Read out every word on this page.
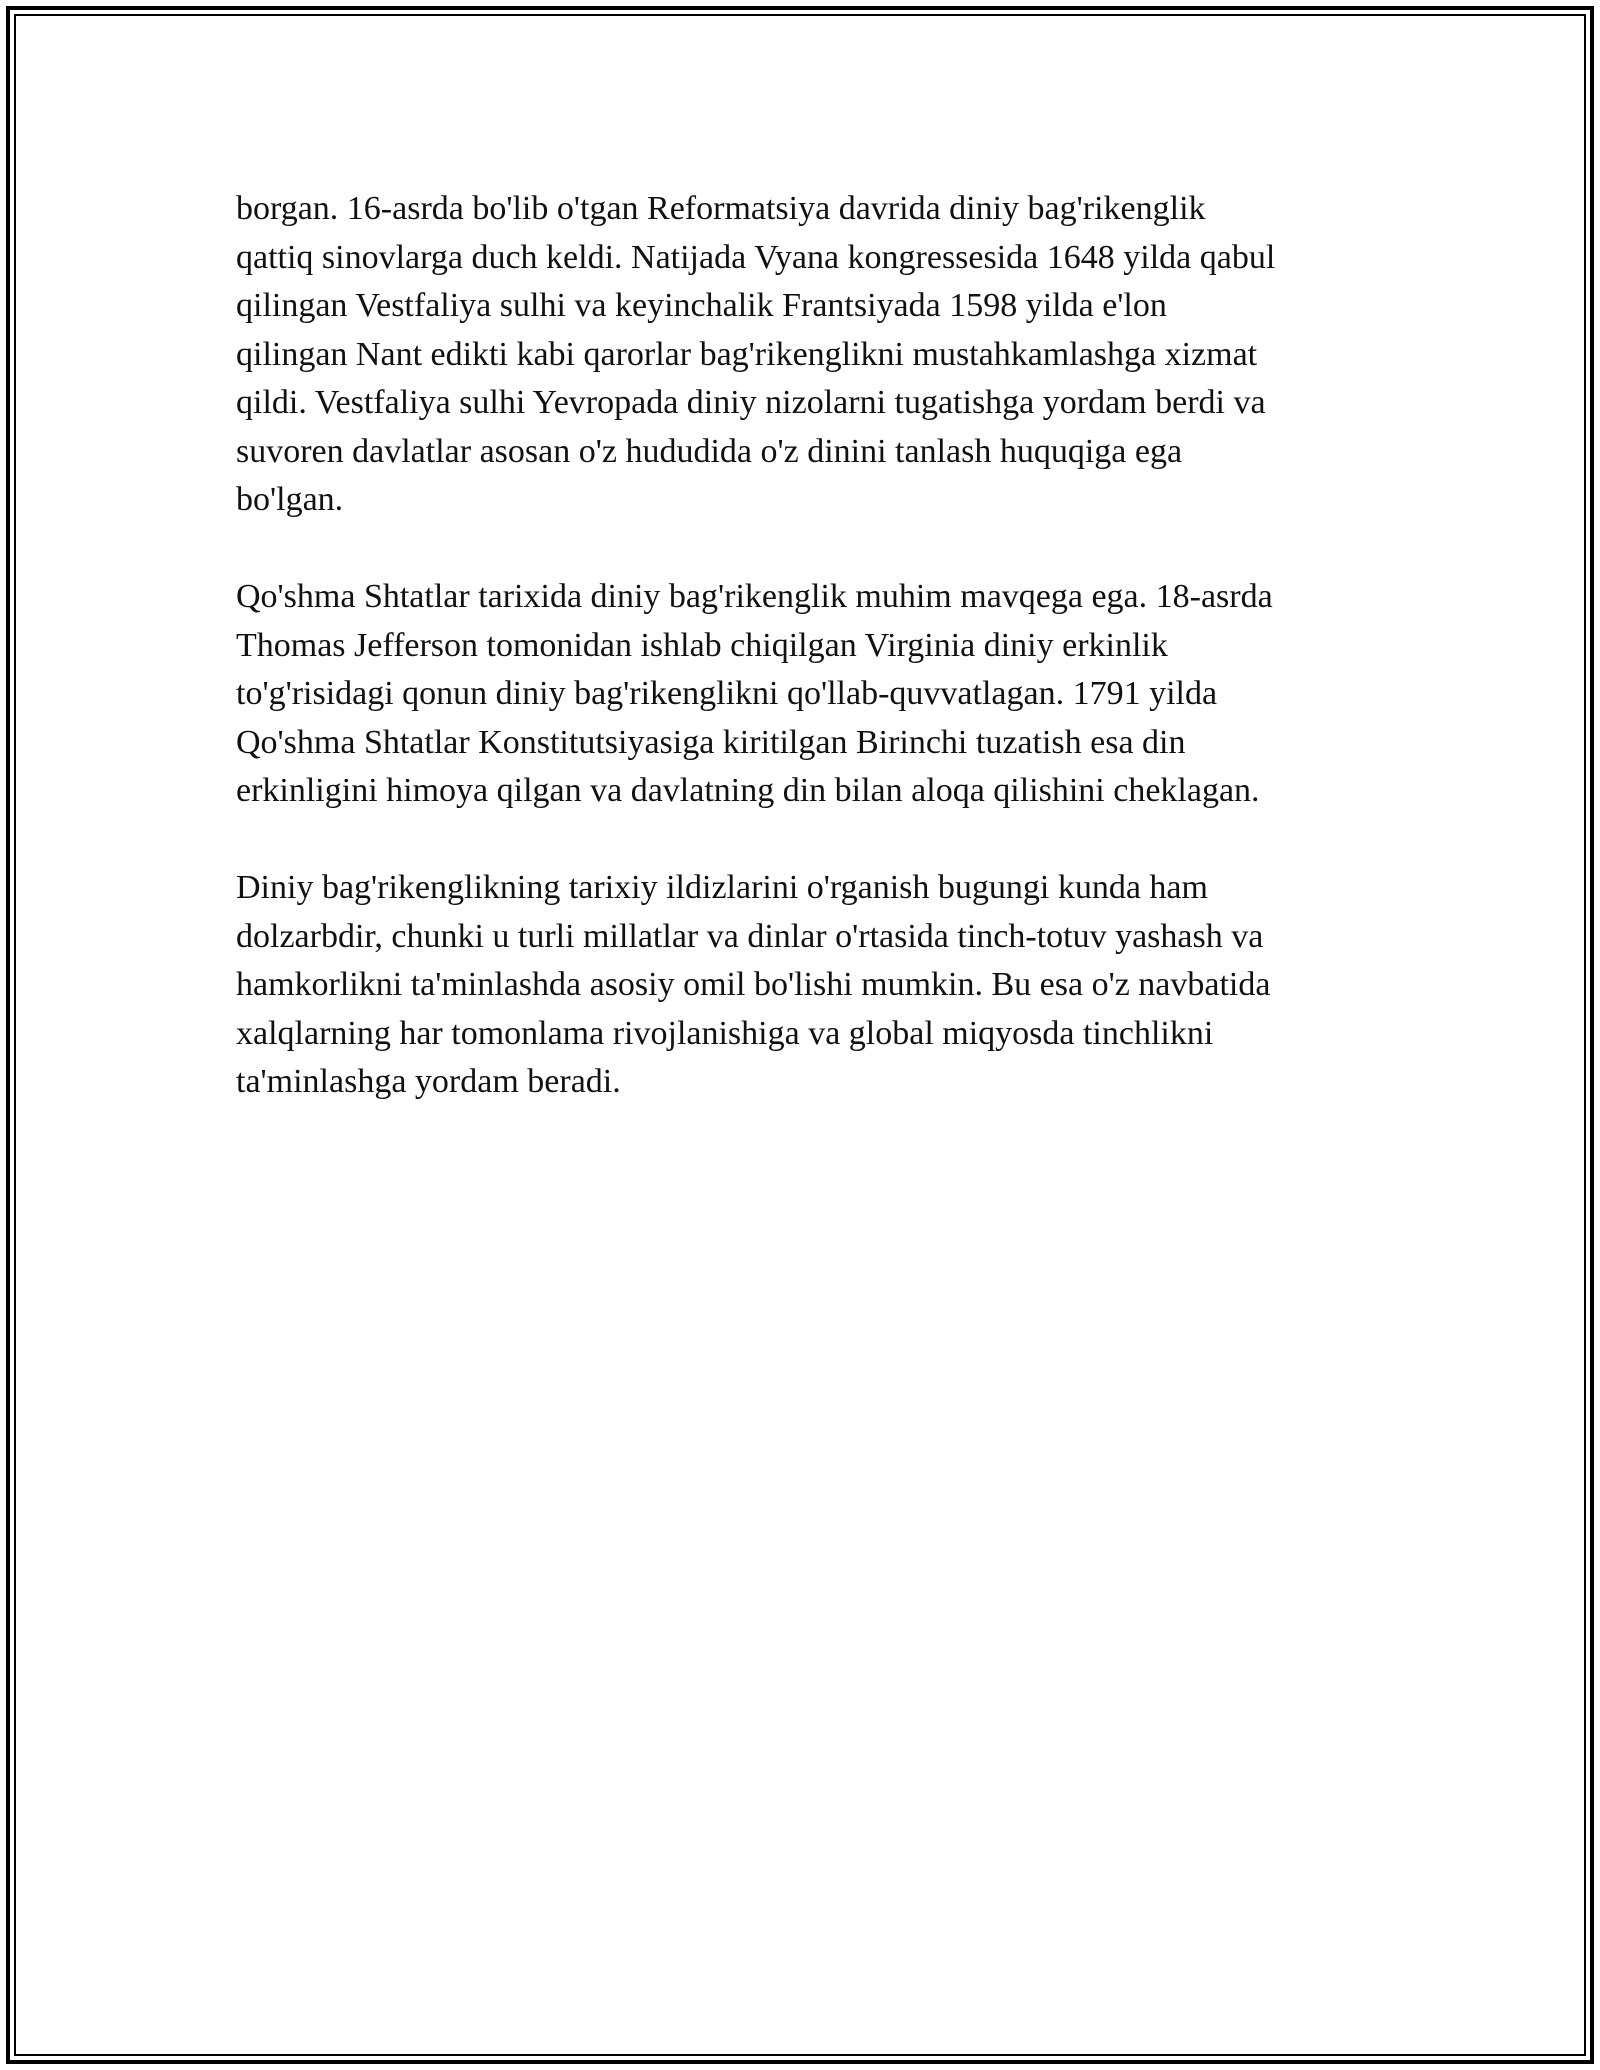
borgan. 16-asrda bo'lib o'tgan Reformatsiya davrida diniy bag'rikenglik
qattiq sinovlarga duch keldi. Natijada Vyana kongressesida 1648 yilda qabul
qilingan Vestfaliya sulhi va keyinchalik Frantsiyada 1598 yilda e'lon
qilingan Nant edikti kabi qarorlar bag'rikenglikni mustahkamlashga xizmat
qildi. Vestfaliya sulhi Yevropada diniy nizolarni tugatishga yordam berdi va
suvoren davlatlar asosan o'z hududida o'z dinini tanlash huquqiga ega
bo'lgan.

Qo'shma Shtatlar tarixida diniy bag'rikenglik muhim mavqega ega. 18-asrda
Thomas Jefferson tomonidan ishlab chiqilgan Virginia diniy erkinlik
to'g'risidagi qonun diniy bag'rikenglikni qo'llab-quvvatlagan. 1791 yilda
Qo'shma Shtatlar Konstitutsiyasiga kiritilgan Birinchi tuzatish esa din
erkinligini himoya qilgan va davlatning din bilan aloqa qilishini cheklagan.

Diniy bag'rikenglikning tarixiy ildizlarini o'rganish bugungi kunda ham
dolzarbdir, chunki u turli millatlar va dinlar o'rtasida tinch-totuv yashash va
hamkorlikni ta'minlashda asosiy omil bo'lishi mumkin. Bu esa o'z navbatida
xalqlarning har tomonlama rivojlanishiga va global miqyosda tinchlikni
ta'minlashga yordam beradi.
